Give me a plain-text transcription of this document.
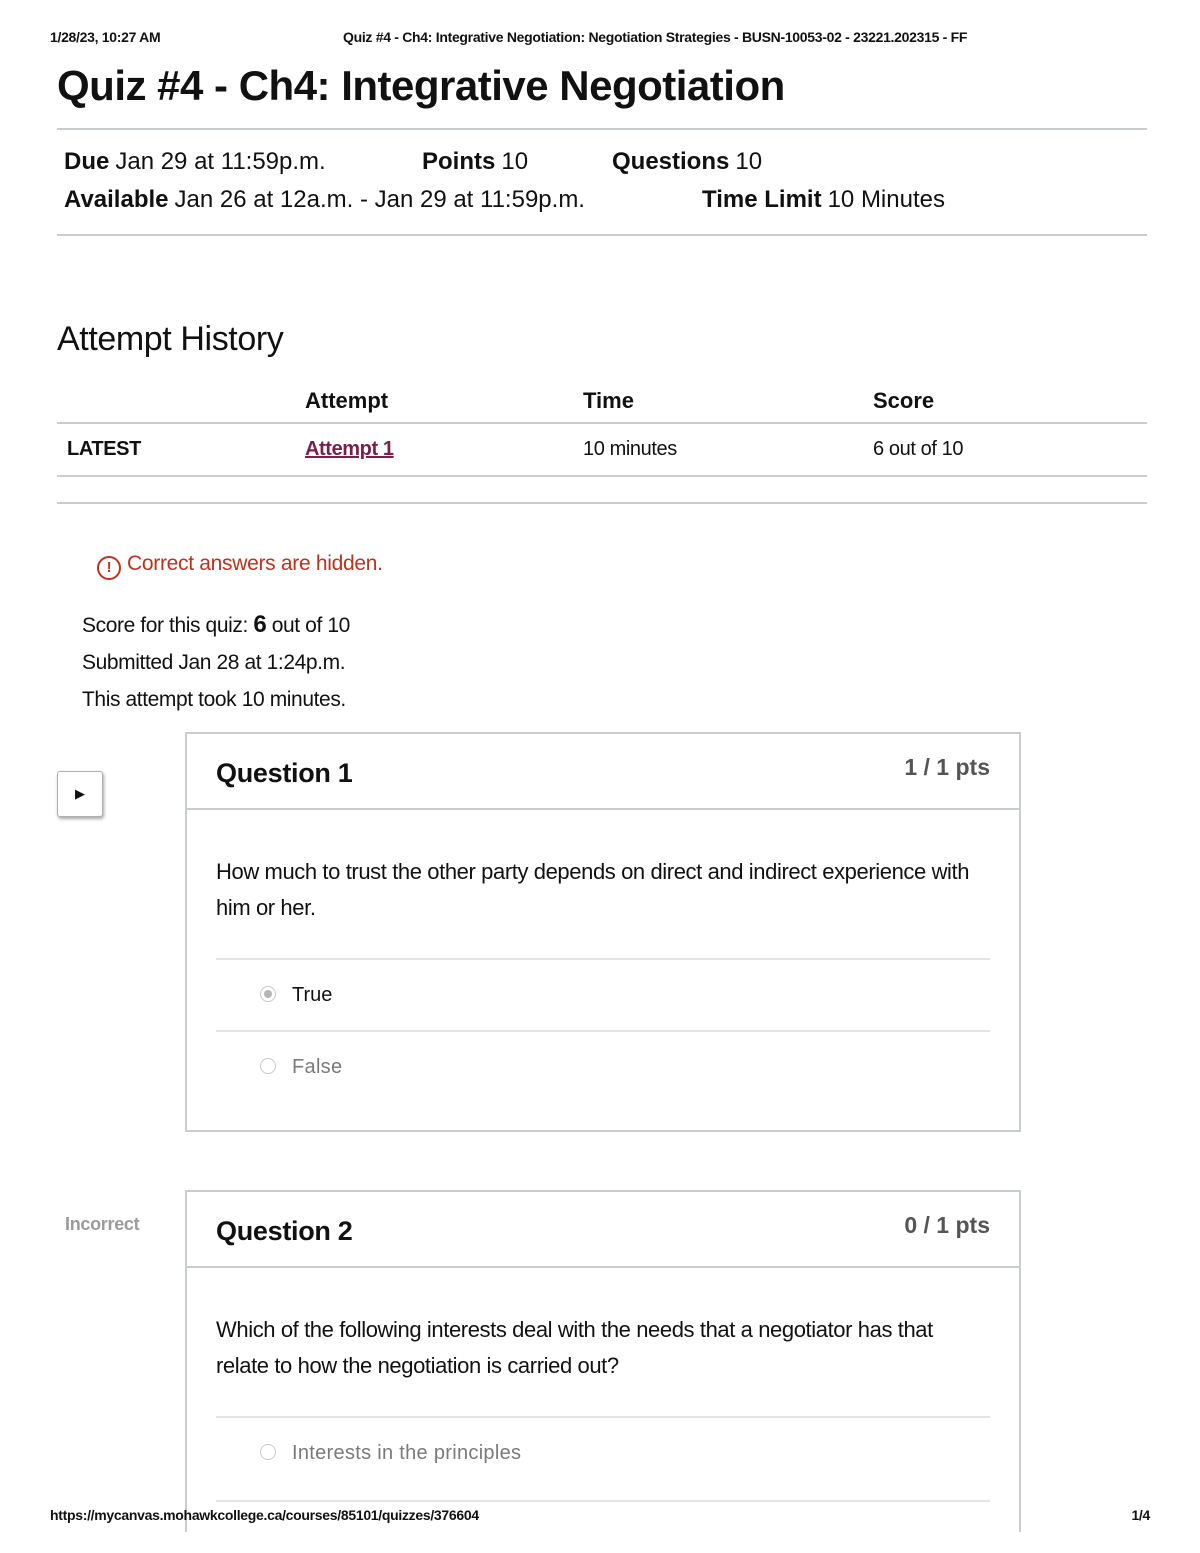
1/28/23, 10:27 AM	Quiz #4 - Ch4: Integrative Negotiation: Negotiation Strategies - BUSN-10053-02 - 23221.202315 - FF
Quiz #4 - Ch4: Integrative Negotiation
Due Jan 29 at 11:59p.m.	Points 10	Questions 10
Available Jan 26 at 12a.m. - Jan 29 at 11:59p.m.	Time Limit 10 Minutes
Attempt History
	Attempt	Time	Score
LATEST	Attempt 1	10 minutes	6 out of 10
! Correct answers are hidden.
Score for this quiz: 6 out of 10
Submitted Jan 28 at 1:24p.m.
This attempt took 10 minutes.
▶
Question 1	1 / 1 pts
How much to trust the other party depends on direct and indirect experience with him or her.
True
False
Incorrect	Question 2	0 / 1 pts
Which of the following interests deal with the needs that a negotiator has that relate to how the negotiation is carried out?
Interests in the principles
https://mycanvas.mohawkcollege.ca/courses/85101/quizzes/376604	1/4
